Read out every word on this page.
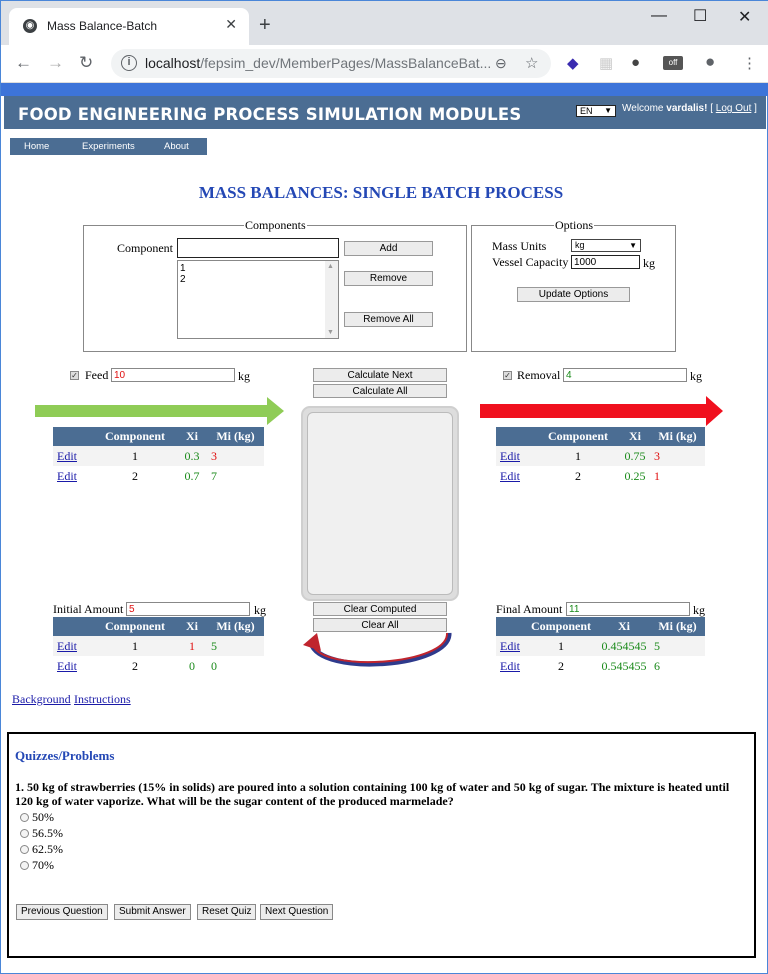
◉ Mass Balance-Batch	✕ +	— ☐ ✕
← → ↻	i	localhost/fepsim_dev/MemberPages/MassBalanceBat... ⊖ ☆ ◆ ▦ ●	off	● ⋮
FOOD ENGINEERING PROCESS SIMULATION MODULES	EN ▼ Welcome vardalis! [ Log Out ]
Home	Experiments	About
MASS BALANCES: SINGLE BATCH PROCESS
Components
Component
1
2
▲
▼
Add
Remove
Remove All
Options
Mass Units	kg	▼
Vessel Capacity
1000	kg
Update Options
✓ Feed
10	kg	✓ Removal
4	kg
Calculate Next
Calculate All
	Component	Xi	Mi (kg)
Edit	1	0.3	3
Edit	2	0.7	7
	Component	Xi	Mi (kg)
Edit	1	0.75	3
Edit	2	0.25	1
Initial Amount
5	kg
	Component	Xi	Mi (kg)
Edit	1	1	5
Edit	2	0	0
Final Amount
11	kg
	Component	Xi	Mi (kg)
Edit	1	0.454545	5
Edit	2	0.545455	6
Clear Computed
Clear All
Background Instructions
Quizzes/Problems
1. 50 kg of strawberries (15% in solids) are poured into a solution containing 100 kg of water and 50 kg of sugar. The mixture is heated until 120 kg of water vaporize. What will be the sugar content of the produced marmelade?
50%
56.5%
62.5%
70%
Previous Question	Submit Answer	Reset Quiz	Next Question
